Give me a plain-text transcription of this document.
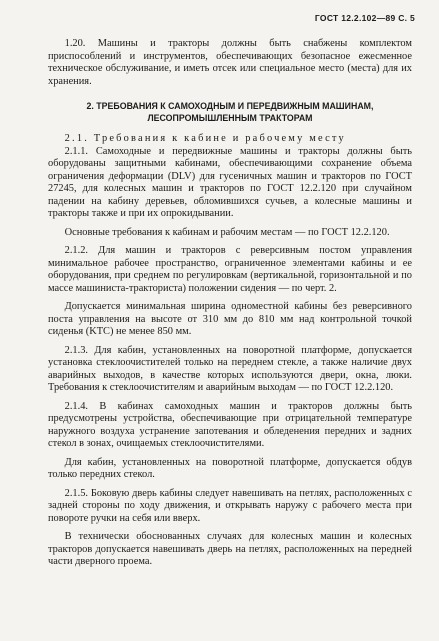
ГОСТ 12.2.102—89 С. 5

1.20. Машины и тракторы должны быть снабжены комплектом приспособлений и инструментов, обеспечивающих безопасное ежесменное техническое обслуживание, и иметь отсек или специальное место (места) для их хранения.

2. ТРЕБОВАНИЯ К САМОХОДНЫМ И ПЕРЕДВИЖНЫМ МАШИНАМ,
ЛЕСОПРОМЫШЛЕННЫМ ТРАКТОРАМ

2.1. Требования к кабине и рабочему месту

2.1.1. Самоходные и передвижные машины и тракторы должны быть оборудованы защитными кабинами, обеспечивающими сохранение объема ограничения деформации (DLV) для гусеничных машин и тракторов по ГОСТ 27245, для колесных машин и тракторов по ГОСТ 12.2.120 при случайном падении на кабину деревьев, обломившихся сучьев, а колесные машины и тракторы также и при их опрокидывании.

Основные требования к кабинам и рабочим местам — по ГОСТ 12.2.120.

2.1.2. Для машин и тракторов с реверсивным постом управления минимальное рабочее пространство, ограниченное элементами кабины и ее оборудования, при среднем по регулировкам (вертикальной, горизонтальной и по массе машиниста-тракториста) положении сидения — по черт. 2.

Допускается минимальная ширина одноместной кабины без реверсивного поста управления на высоте от 310 мм до 810 мм над контрольной точкой сиденья (KTC) не менее 850 мм.

2.1.3. Для кабин, установленных на поворотной платформе, допускается установка стеклоочистителей только на переднем стекле, а также наличие двух аварийных выходов, в качестве которых используются двери, окна, люки. Требования к стеклоочистителям и аварийным выходам — по ГОСТ 12.2.120.

2.1.4. В кабинах самоходных машин и тракторов должны быть предусмотрены устройства, обеспечивающие при отрицательной температуре наружного воздуха устранение запотевания и обледенения передних и задних стекол в зонах, очищаемых стеклоочистителями.

Для кабин, установленных на поворотной платформе, допускается обдув только передних стекол.

2.1.5. Боковую дверь кабины следует навешивать на петлях, расположенных с задней стороны по ходу движения, и открывать наружу с рабочего места при повороте ручки на себя или вверх.

В технически обоснованных случаях для колесных машин и колесных тракторов допускается навешивать дверь на петлях, расположенных на передней части дверного проема.
